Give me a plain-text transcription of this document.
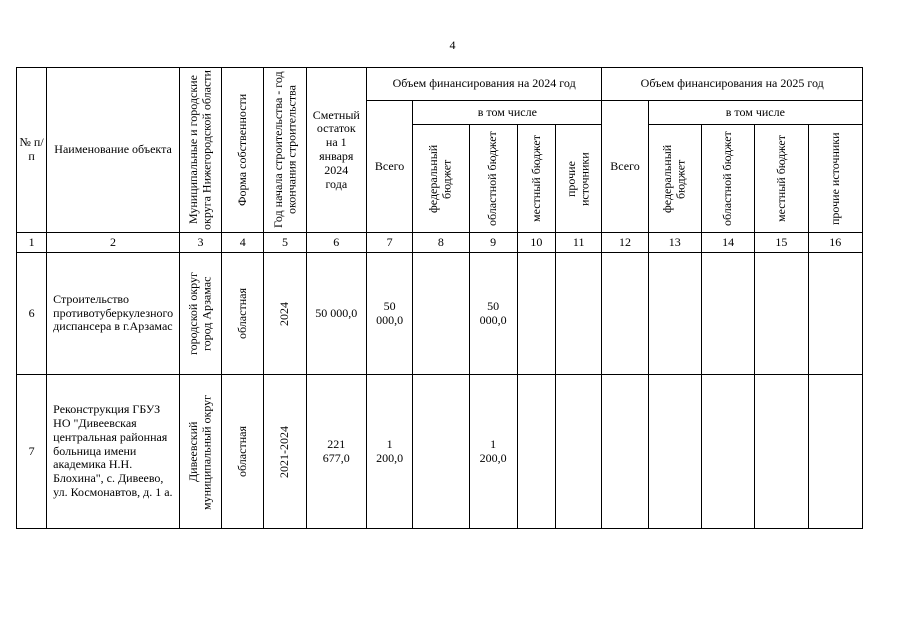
4
№ п/п	Наименование объекта	Муниципальные и городские округа Нижегородской области	Форма собственности	Год начала строительства - год окончания строительства	Сметный остаток на 1 января 2024 года	Объем финансирования на 2024 год					Объем финансирования на 2025 год				
						Всего	в том числе				Всего	в том числе			

							федеральный бюджет	областной бюджет	местный бюджет	прочие источники		федеральный бюджет	областной бюджет	местный бюджет	прочие источники

1	2	3	4	5	6	7	8	9	10	11	12	13	14	15	16
6	Строительство противотуберкулезного диспансера в г.Арзамас	городской округ город Арзамас	областная	2024	50 000,0	50 000,0		50 000,0							
7	Реконструкция ГБУЗ НО "Дивеевская центральная районная больница имени академика Н.Н. Блохина", с. Дивеево, ул. Космонавтов, д. 1 а.	Дивеевский муниципальный округ	областная	2021-2024	221 677,0	1 200,0		1 200,0							
